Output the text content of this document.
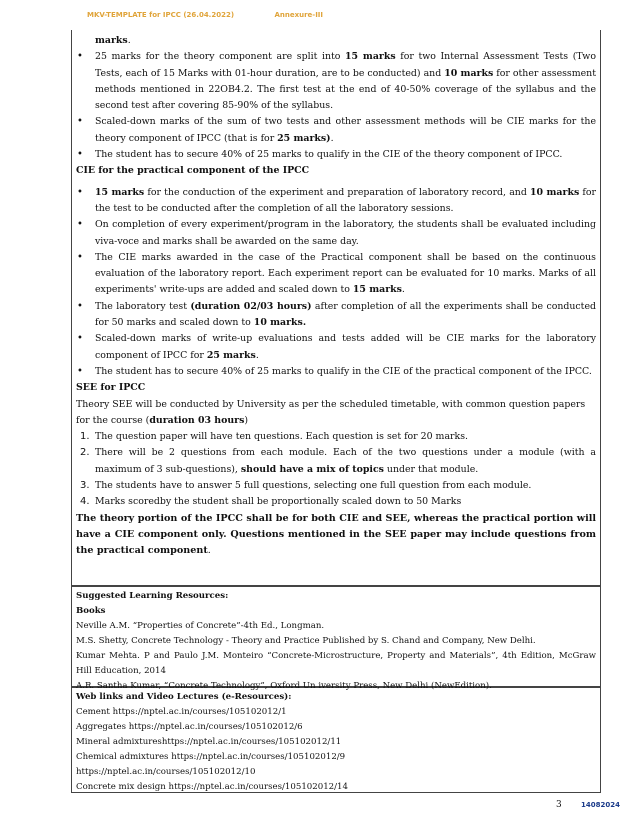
MKV-TEMPLATE for IPCC (26.04.2022)	Annexure-III
marks.
• 25 marks for the theory component are split into 15 marks for two Internal Assessment Tests (Two Tests, each of 15 Marks with 01-hour duration, are to be conducted) and 10 marks for other assessment methods mentioned in 22OB4.2. The first test at the end of 40-50% coverage of the syllabus and the second test after covering 85-90% of the syllabus.
• Scaled-down marks of the sum of two tests and other assessment methods will be CIE marks for the theory component of IPCC (that is for 25 marks).
• The student has to secure 40% of 25 marks to qualify in the CIE of the theory component of IPCC.
CIE for the practical component of the IPCC
• 15 marks for the conduction of the experiment and preparation of laboratory record, and 10 marks for the test to be conducted after the completion of all the laboratory sessions.
• On completion of every experiment/program in the laboratory, the students shall be evaluated including viva-voce and marks shall be awarded on the same day.
• The CIE marks awarded in the case of the Practical component shall be based on the continuous evaluation of the laboratory report. Each experiment report can be evaluated for 10 marks. Marks of all experiments' write-ups are added and scaled down to 15 marks.
• The laboratory test (duration 02/03 hours) after completion of all the experiments shall be conducted for 50 marks and scaled down to 10 marks.
• Scaled-down marks of write-up evaluations and tests added will be CIE marks for the laboratory component of IPCC for 25 marks.
• The student has to secure 40% of 25 marks to qualify in the CIE of the practical component of the IPCC.
SEE for IPCC
Theory SEE will be conducted by University as per the scheduled timetable, with common question papers for the course (duration 03 hours)
1. The question paper will have ten questions. Each question is set for 20 marks.
2. There will be 2 questions from each module. Each of the two questions under a module (with a maximum of 3 sub-questions), should have a mix of topics under that module.
3. The students have to answer 5 full questions, selecting one full question from each module.
4. Marks scoredby the student shall be proportionally scaled down to 50 Marks
The theory portion of the IPCC shall be for both CIE and SEE, whereas the practical portion will have a CIE component only. Questions mentioned in the SEE paper may include questions from the practical component.
Suggested Learning Resources:
Books
Neville A.M. “Properties of Concrete”-4th Ed., Longman.
M.S. Shetty, Concrete Technology - Theory and Practice Published by S. Chand and Company, New Delhi.
Kumar Mehta. P and Paulo J.M. Monteiro “Concrete-Microstructure, Property and Materials”, 4th Edition, McGraw Hill Education, 2014
A.R. Santha Kumar, “Concrete Technology”, Oxford Un iversity Press, New Delhi (NewEdition).
Web links and Video Lectures (e-Resources):
Cement https://nptel.ac.in/courses/105102012/1
Aggregates https://nptel.ac.in/courses/105102012/6
Mineral admixtureshttps://nptel.ac.in/courses/105102012/11
Chemical admixtures https://nptel.ac.in/courses/105102012/9
https://nptel.ac.in/courses/105102012/10
Concrete mix design https://nptel.ac.in/courses/105102012/14
3	14082024
